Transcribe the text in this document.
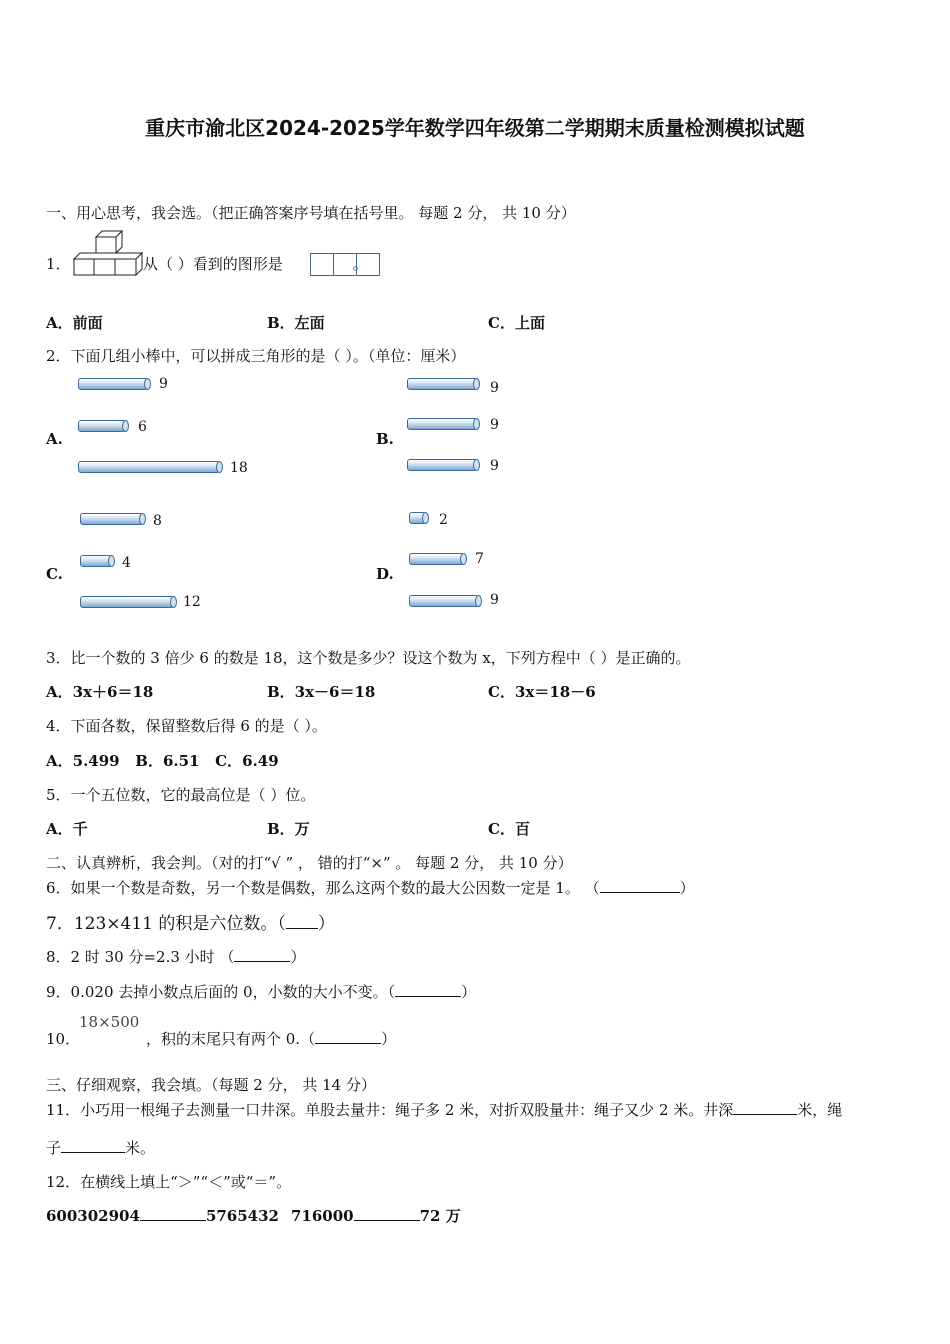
重庆市渝北区2024-2025学年数学四年级第二学期期末质量检测模拟试题
一、用心思考，我会选。（把正确答案序号填在括号里。 每题 2 分， 共 10 分）
1．	从（ ）看到的图形是	。
A．前面	B．左面	C．上面
2．下面几组小棒中，可以拼成三角形的是（ ）。（单位：厘米）
A.
9
6
18
B.
9
9
9
C.
8
4
12
D.
2
7
9
3．比一个数的 3 倍少 6 的数是 18，这个数是多少？设这个数为 x，下列方程中（ ）是正确的。
A．3x＋6＝18	B．3x－6＝18	C．3x＝18－6
4．下面各数，保留整数后得 6 的是（ ）。
A．5.499   B．6.51   C．6.49
5．一个五位数，它的最高位是（ ）位。
A．千	B．万	C．百
二、认真辨析，我会判。（对的打“√ ” ， 错的打“×” 。 每题 2 分， 共 10 分）
6．如果一个数是奇数，另一个数是偶数，那么这两个数的最大公因数一定是 1。 （	）
7．123×411 的积是六位数。（ ）
8．2 时 30 分=2.3 小时 （	）
9．0.020 去掉小数点后面的 0，小数的大小不变。（	）
10．
18×500
，积的末尾只有两个 0.（	）
三、仔细观察，我会填。（每题 2 分， 共 14 分）
11．小巧用一根绳子去测量一口井深。单股去量井：绳子多 2 米，对折双股量井：绳子又少 2 米。井深	米，绳
子	米。
12．在横线上填上“＞”“＜”或“＝”。
600302904	5765432 716000	72 万
